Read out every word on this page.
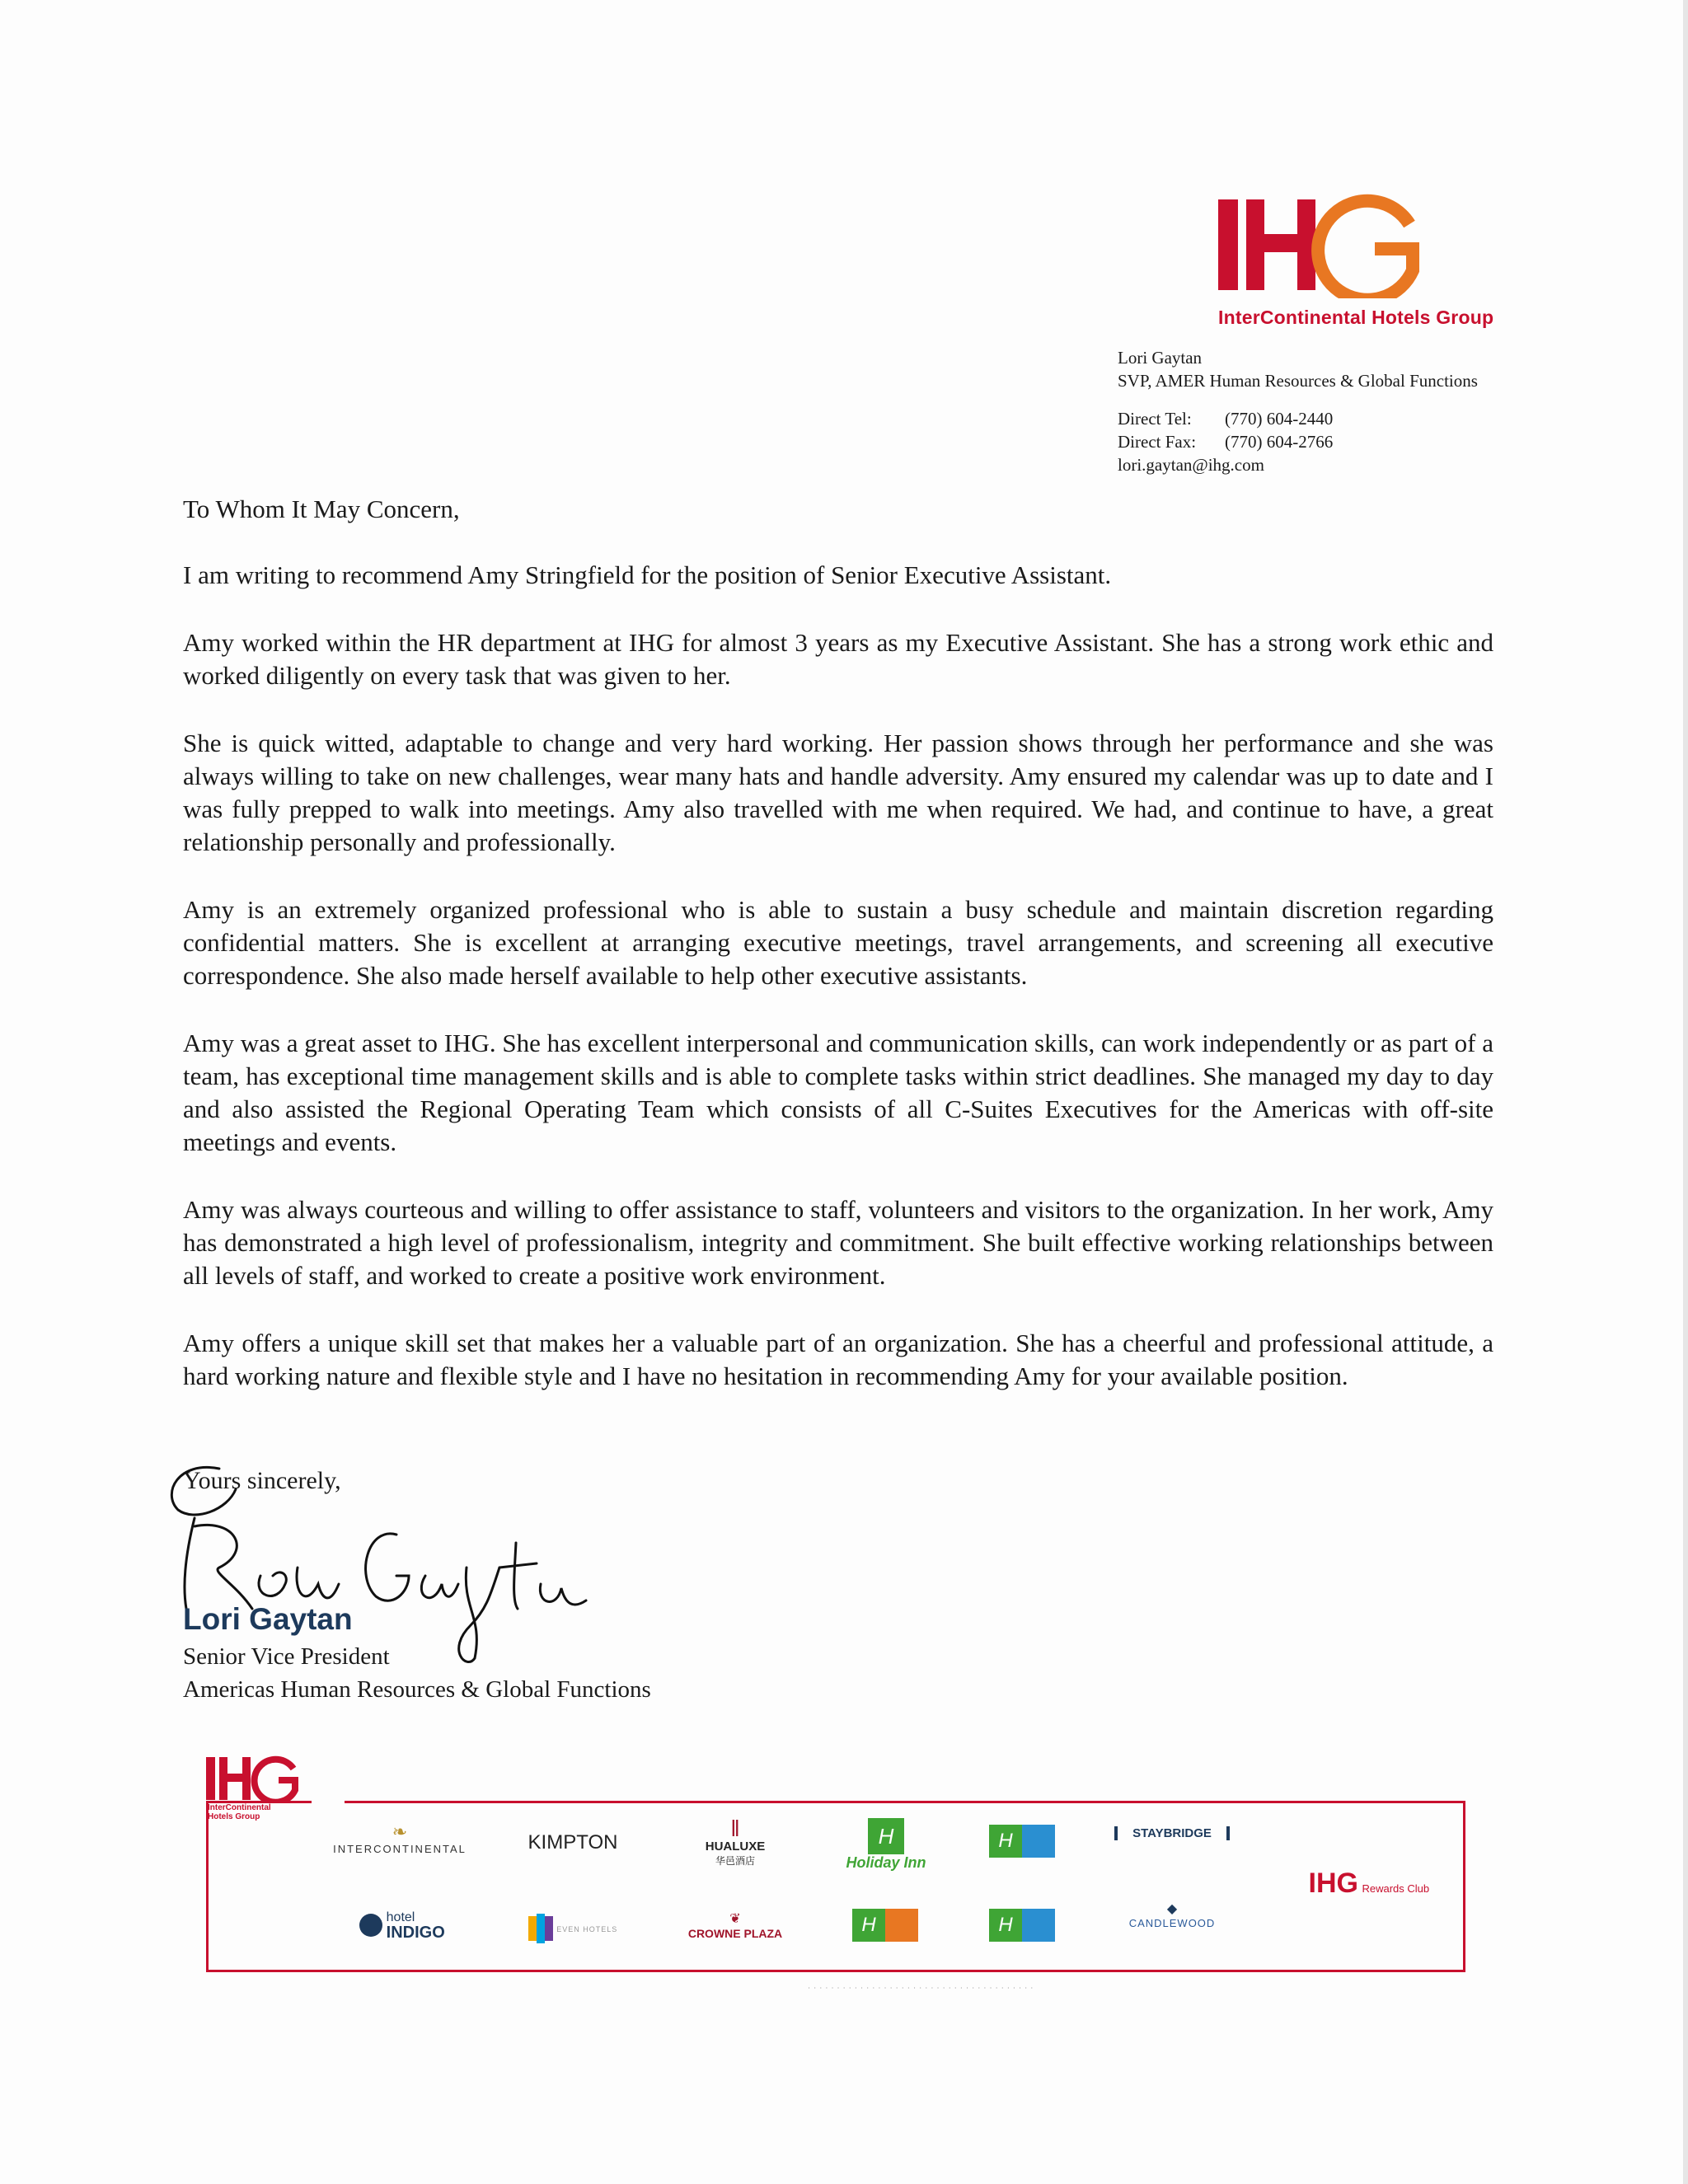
InterContinental Hotels Group
Lori Gaytan
SVP, AMER Human Resources & Global Functions
Direct Tel: (770) 604-2440
Direct Fax: (770) 604-2766
lori.gaytan@ihg.com

To Whom It May Concern,

I am writing to recommend Amy Stringfield for the position of Senior Executive Assistant.

Amy worked within the HR department at IHG for almost 3 years as my Executive Assistant. She has a strong work ethic and worked diligently on every task that was given to her.

She is quick witted, adaptable to change and very hard working. Her passion shows through her performance and she was always willing to take on new challenges, wear many hats and handle adversity. Amy ensured my calendar was up to date and I was fully prepped to walk into meetings. Amy also travelled with me when required. We had, and continue to have, a great relationship personally and professionally.

Amy is an extremely organized professional who is able to sustain a busy schedule and maintain discretion regarding confidential matters. She is excellent at arranging executive meetings, travel arrangements, and screening all executive correspondence. She also made herself available to help other executive assistants.

Amy was a great asset to IHG. She has excellent interpersonal and communication skills, can work independently or as part of a team, has exceptional time management skills and is able to complete tasks within strict deadlines. She managed my day to day and also assisted the Regional Operating Team which consists of all C-Suites Executives for the Americas with off-site meetings and events.

Amy was always courteous and willing to offer assistance to staff, volunteers and visitors to the organization. In her work, Amy has demonstrated a high level of professionalism, integrity and commitment. She built effective working relationships between all levels of staff, and worked to create a positive work environment.

Amy offers a unique skill set that makes her a valuable part of an organization. She has a cheerful and professional attitude, a hard working nature and flexible style and I have no hesitation in recommending Amy for your available position.

Yours sincerely,
Lori Gaytan
Senior Vice President
Americas Human Resources & Global Functions
InterContinental
Hotels Group
❧
INTERCONTINENTAL	KIMPTON
‖
HUALUXE
华邑酒店
H
Holiday Inn
H	STAYBRIDGE
IHG Rewards Club

hotel
INDIGO	EVEN HOTELS
❦
CROWNE PLAZA	H	H
◆
CANDLEWOOD
∙ ∙ ∙ ∙ ∙ ∙ ∙ ∙ ∙ ∙ ∙ ∙ ∙ ∙ ∙ ∙ ∙ ∙ ∙ ∙ ∙ ∙ ∙ ∙ ∙ ∙ ∙ ∙ ∙ ∙ ∙ ∙ ∙ ∙ ∙ ∙ ∙ ∙ ∙
